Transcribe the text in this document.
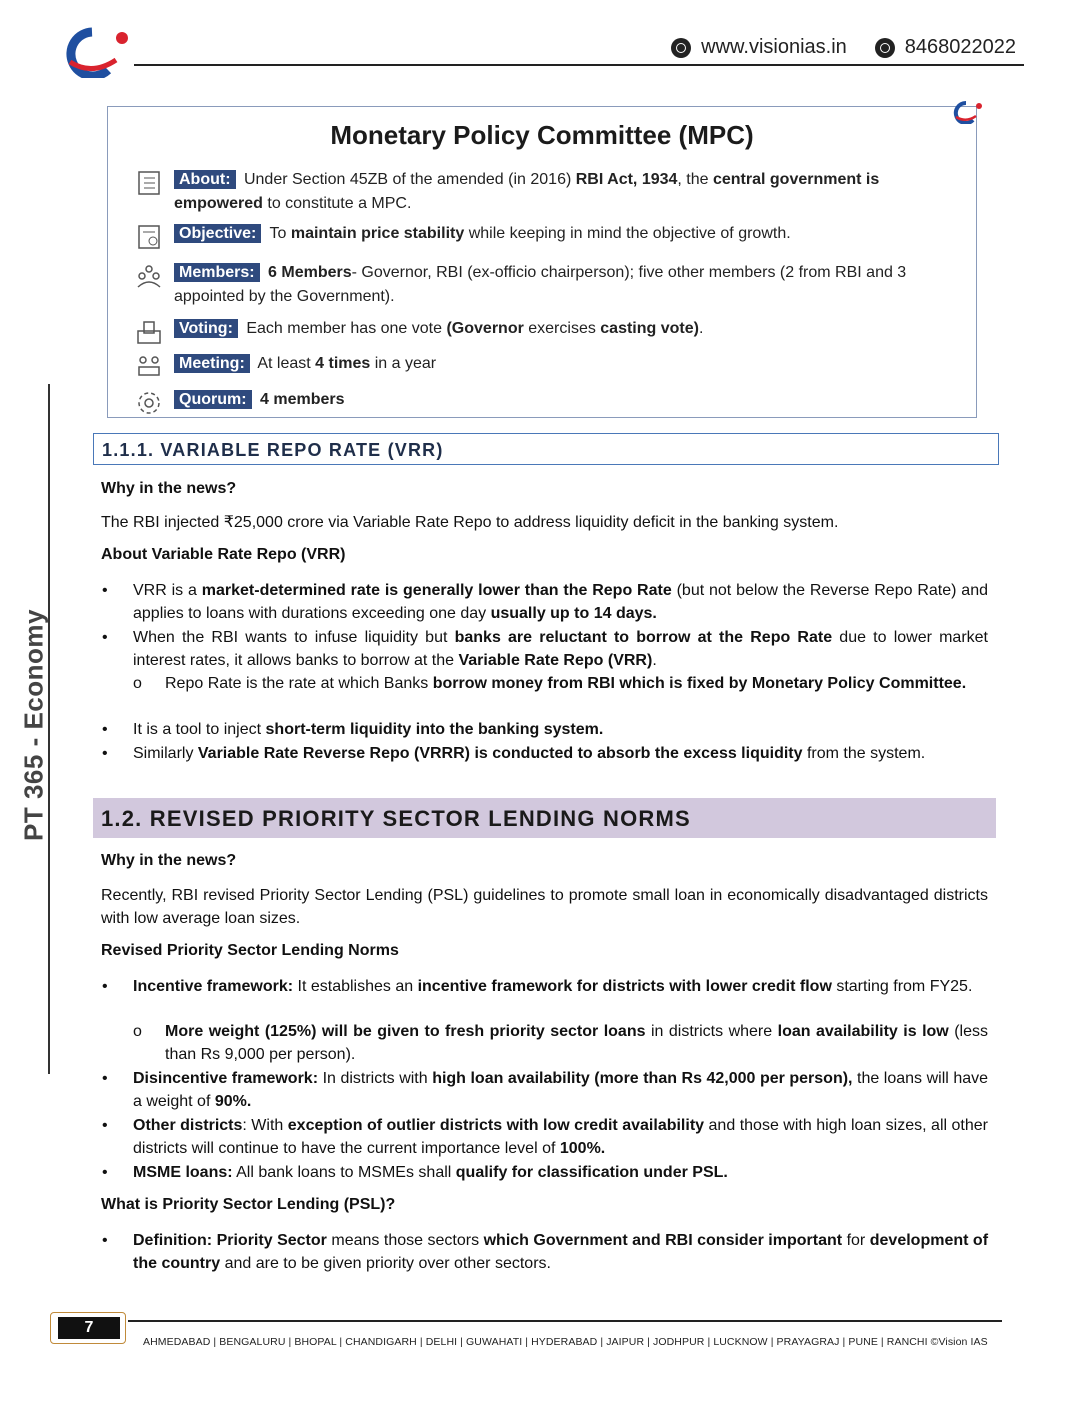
www.visionias.in	8468022022
PT 365 - Economy
Monetary Policy Committee (MPC)
About: Under Section 45ZB of the amended (in 2016) RBI Act, 1934, the central government is empowered to constitute a MPC.
Objective: To maintain price stability while keeping in mind the objective of growth.
Members: 6 Members- Governor, RBI (ex-officio chairperson); five other members (2 from RBI and 3 appointed by the Government).
Voting: Each member has one vote (Governor exercises casting vote).
Meeting: At least 4 times in a year
Quorum: 4 members
1.1.1. VARIABLE REPO RATE (VRR)
Why in the news?
The RBI injected ₹25,000 crore via Variable Rate Repo to address liquidity deficit in the banking system.
About Variable Rate Repo (VRR)
• VRR is a market-determined rate is generally lower than the Repo Rate (but not below the Reverse Repo Rate) and applies to loans with durations exceeding one day usually up to 14 days.
• When the RBI wants to infuse liquidity but banks are reluctant to borrow at the Repo Rate due to lower market interest rates, it allows banks to borrow at the Variable Rate Repo (VRR).
o Repo Rate is the rate at which Banks borrow money from RBI which is fixed by Monetary Policy Committee.
• It is a tool to inject short-term liquidity into the banking system.
• Similarly Variable Rate Reverse Repo (VRRR) is conducted to absorb the excess liquidity from the system.
1.2. REVISED PRIORITY SECTOR LENDING NORMS
Why in the news?
Recently, RBI revised Priority Sector Lending (PSL) guidelines to promote small loan in economically disadvantaged districts with low average loan sizes.
Revised Priority Sector Lending Norms
• Incentive framework: It establishes an incentive framework for districts with lower credit flow starting from FY25.
o More weight (125%) will be given to fresh priority sector loans in districts where loan availability is low (less than Rs 9,000 per person).
• Disincentive framework: In districts with high loan availability (more than Rs 42,000 per person), the loans will have a weight of 90%.
• Other districts: With exception of outlier districts with low credit availability and those with high loan sizes, all other districts will continue to have the current importance level of 100%.
• MSME loans: All bank loans to MSMEs shall qualify for classification under PSL.
What is Priority Sector Lending (PSL)?
• Definition: Priority Sector means those sectors which Government and RBI consider important for development of the country and are to be given priority over other sectors.
7
AHMEDABAD | BENGALURU | BHOPAL | CHANDIGARH | DELHI | GUWAHATI | HYDERABAD | JAIPUR | JODHPUR | LUCKNOW | PRAYAGRAJ | PUNE | RANCHI ©Vision IAS
